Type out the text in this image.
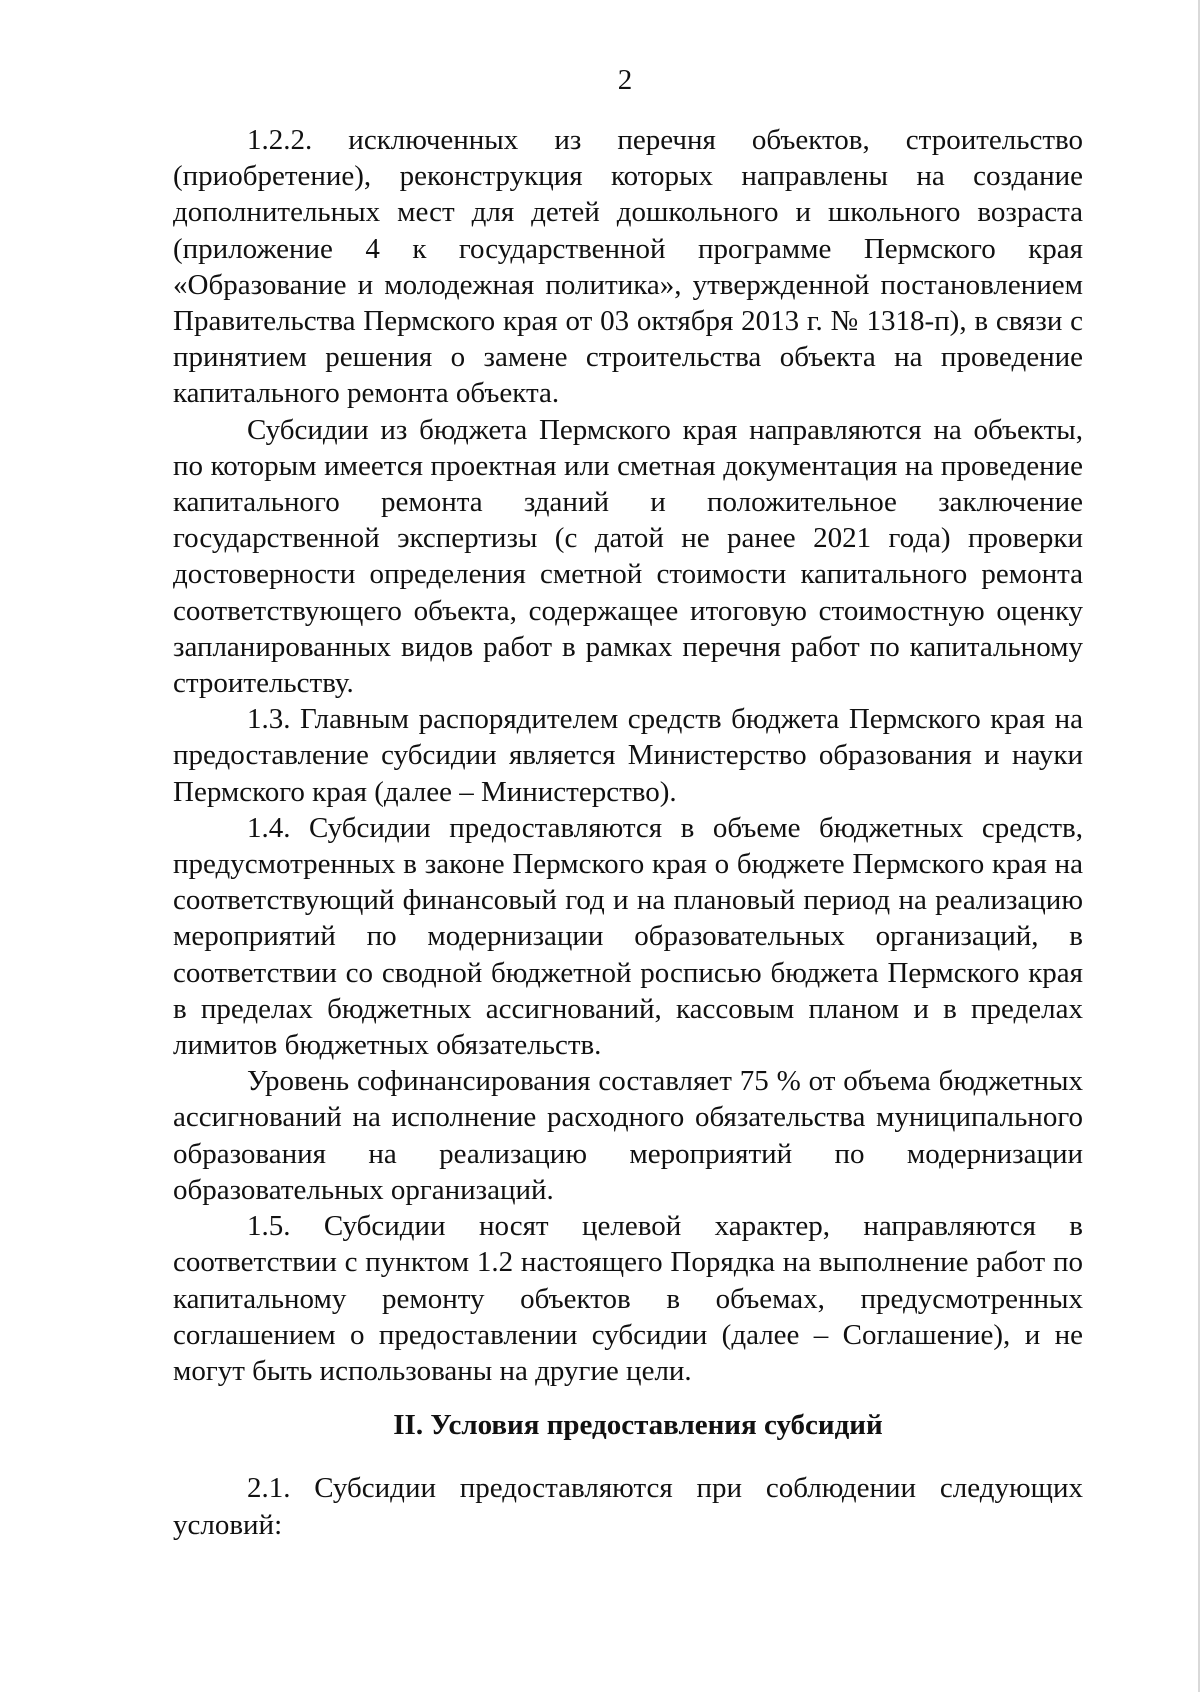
2

1.2.2. исключенных из перечня объектов, строительство (приобретение), реконструкция которых направлены на создание дополнительных мест для детей дошкольного и школьного возраста (приложение 4 к государственной программе Пермского края «Образование и молодежная политика», утвержденной постановлением Правительства Пермского края от 03 октября 2013 г. № 1318-п), в связи с принятием решения о замене строительства объекта на проведение капитального ремонта объекта.

Субсидии из бюджета Пермского края направляются на объекты, по которым имеется проектная или сметная документация на проведение капитального ремонта зданий и положительное заключение государственной экспертизы (с датой не ранее 2021 года) проверки достоверности определения сметной стоимости капитального ремонта соответствующего объекта, содержащее итоговую стоимостную оценку запланированных видов работ в рамках перечня работ по капитальному строительству.

1.3. Главным распорядителем средств бюджета Пермского края на предоставление субсидии является Министерство образования и науки Пермского края (далее – Министерство).

1.4. Субсидии предоставляются в объеме бюджетных средств, предусмотренных в законе Пермского края о бюджете Пермского края на соответствующий финансовый год и на плановый период на реализацию мероприятий по модернизации образовательных организаций, в соответствии со сводной бюджетной росписью бюджета Пермского края в пределах бюджетных ассигнований, кассовым планом и в пределах лимитов бюджетных обязательств.

Уровень софинансирования составляет 75 % от объема бюджетных ассигнований на исполнение расходного обязательства муниципального образования на реализацию мероприятий по модернизации образовательных организаций.

1.5. Субсидии носят целевой характер, направляются в соответствии с пунктом 1.2 настоящего Порядка на выполнение работ по капитальному ремонту объектов в объемах, предусмотренных соглашением о предоставлении субсидии (далее – Соглашение), и не могут быть использованы на другие цели.

II. Условия предоставления субсидий

2.1. Субсидии предоставляются при соблюдении следующих условий:
